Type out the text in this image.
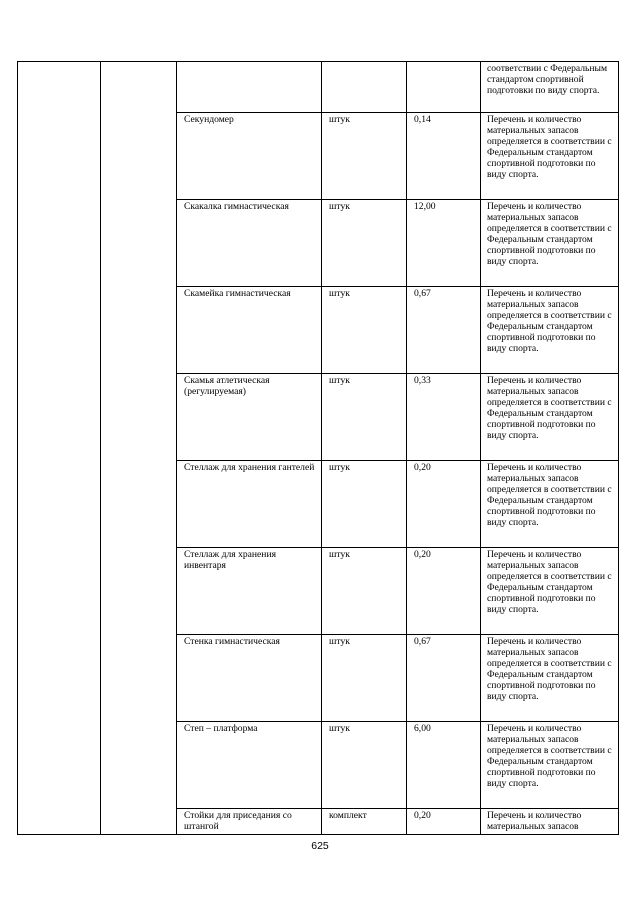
					соответствии с Федеральным стандартом спортивной подготовки по виду спорта.
		Секундомер	штук	0,14	Перечень и количество материальных запасов определяется в соответствии с Федеральным стандартом спортивной подготовки по виду спорта.
		Скакалка гимнастическая	штук	12,00	Перечень и количество материальных запасов определяется в соответствии с Федеральным стандартом спортивной подготовки по виду спорта.
		Скамейка гимнастическая	штук	0,67	Перечень и количество материальных запасов определяется в соответствии с Федеральным стандартом спортивной подготовки по виду спорта.
		Скамья атлетическая (регулируемая)	штук	0,33	Перечень и количество материальных запасов определяется в соответствии с Федеральным стандартом спортивной подготовки по виду спорта.
		Стеллаж для хранения гантелей	штук	0,20	Перечень и количество материальных запасов определяется в соответствии с Федеральным стандартом спортивной подготовки по виду спорта.
		Стеллаж для хранения инвентаря	штук	0,20	Перечень и количество материальных запасов определяется в соответствии с Федеральным стандартом спортивной подготовки по виду спорта.
		Стенка гимнастическая	штук	0,67	Перечень и количество материальных запасов определяется в соответствии с Федеральным стандартом спортивной подготовки по виду спорта.
		Степ – платформа	штук	6,00	Перечень и количество материальных запасов определяется в соответствии с Федеральным стандартом спортивной подготовки по виду спорта.
		Стойки для приседания со штангой	комплект	0,20	Перечень и количество материальных запасов
625
